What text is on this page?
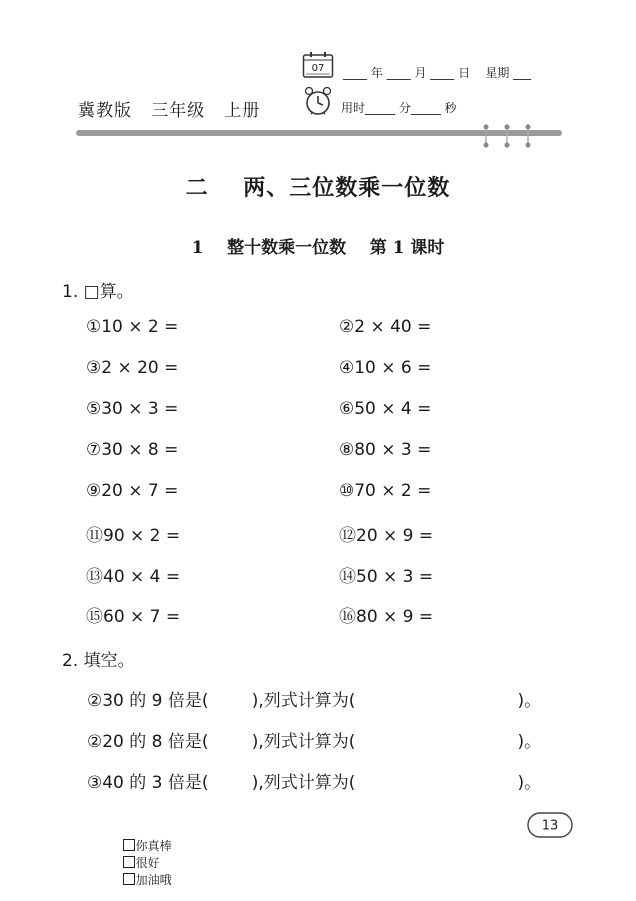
07 ____ 年 ____ 月 ____ 日    星期 ___
用时_____ 分_____ 秒
冀教版   三年级   上册
二    两、三位数乘一位数
1    整十数乘一位数    第 1 课时
1. □算。
①10 × 2 =	②2 × 40 =
③2 × 20 =	④10 × 6 =
⑤30 × 3 =	⑥50 × 4 =
⑦30 × 8 =	⑧80 × 3 =
⑨20 × 7 =	⑩70 × 2 =
⑪90 × 2 =	⑫20 × 9 =
⑬40 × 4 =	⑭50 × 3 =
⑮60 × 7 =	⑯80 × 9 =
2. 填空。
②30 的 9 倍是(        ),列式计算为(                              )。
②20 的 8 倍是(        ),列式计算为(                              )。
③40 的 3 倍是(        ),列式计算为(                              )。

你真棒
很好
加油哦

13
